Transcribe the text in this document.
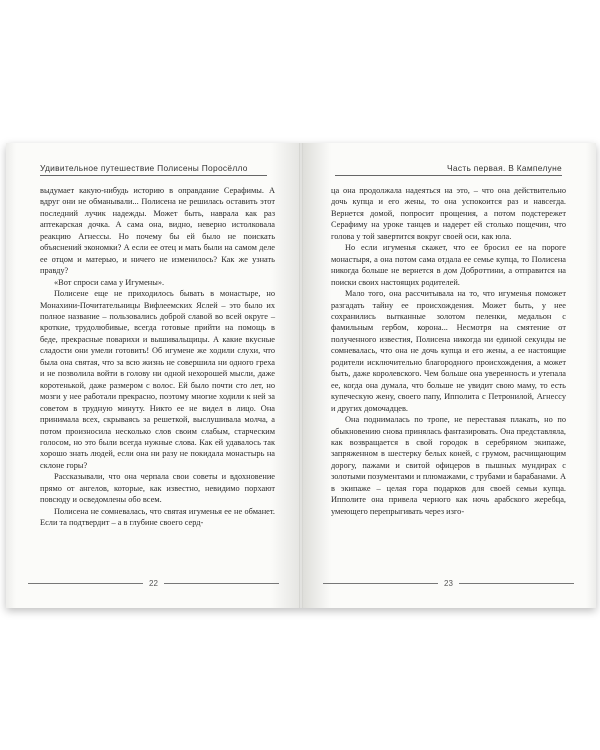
Удивительное путешествие Полисены Поросёлло

выдумает какую-нибудь историю в оправдание Серафимы. А вдруг они не обманывали... Полисена не решилась оставить этот последний лучик надежды. Может быть, наврала как раз аптекарская дочка. А сама она, видно, неверно истолковала реакцию Агнессы. Но почему бы ей было не поискать объяснений экономки? А если ее отец и мать были на самом деле ее отцом и матерью, и ничего не изменилось? Как же узнать правду?

«Вот спроси сама у Игумены».

Полисене еще не приходилось бывать в монастыре, но Монахини-Почитательницы Вифлеемских Яслей – это было их полное название – пользовались доброй славой во всей округе – кроткие, трудолюбивые, всегда готовые прийти на помощь в беде, прекрасные поварихи и вышивальщицы. А какие вкусные сладости они умели готовить! Об игумене же ходили слухи, что была она святая, что за всю жизнь не совершила ни одного греха и не позволила войти в голову ни одной нехорошей мысли, даже коротенькой, даже размером с волос. Ей было почти сто лет, но мозги у нее работали прекрасно, поэтому многие ходили к ней за советом в трудную минуту. Никто ее не видел в лицо. Она принимала всех, скрываясь за решеткой, выслушивала молча, а потом произносила несколько слов своим слабым, старческим голосом, но это были всегда нужные слова. Как ей удавалось так хорошо знать людей, если она ни разу не покидала монастырь на склоне горы?

Рассказывали, что она черпала свои советы и вдохновение прямо от ангелов, которые, как известно, невидимо порхают повсюду и осведомлены обо всем.

Полисена не сомневалась, что святая игуменья ее не обманет. Если та подтвердит – а в глубине своего серд-

22
Часть первая. В Кампелуне

ца она продолжала надеяться на это, – что она действительно дочь купца и его жены, то она успокоится раз и навсегда. Вернется домой, попросит прощения, а потом подстережет Серафиму на уроке танцев и надерет ей столько пощечин, что голова у той завертится вокруг своей оси, как юла.

Но если игуменья скажет, что ее бросил ее на пороге монастыря, а она потом сама отдала ее семье купца, то Полисена никогда больше не вернется в дом Доброттини, а отправится на поиски своих настоящих родителей.

Мало того, она рассчитывала на то, что игуменья поможет разгадать тайну ее происхождения. Может быть, у нее сохранились вытканные золотом пеленки, медальон с фамильным гербом, корона... Несмотря на смятение от полученного известия, Полисена никогда ни единой секунды не сомневалась, что она не дочь купца и его жены, а ее настоящие родители исключительно благородного происхождения, а может быть, даже королевского. Чем больше она уверенность и утепала ее, когда она думала, что больше не увидит свою маму, то есть купеческую жену, своего папу, Ипполита с Петронилой, Агнессу и других домочадцев.

Она поднималась по тропе, не переставая плакать, но по обыкновению снова принялась фантазировать. Она представляла, как возвращается в свой городок в серебряном экипаже, запряженном в шестерку белых коней, с грумом, расчищающим дорогу, пажами и свитой офицеров в пышных мундирах с золотыми позументами и плюмажами, с трубами и барабанами. А в экипаже – целая гора подарков для своей семьи купца. Ипполите она привела черного как ночь арабского жеребца, умеющего перепрыгивать через изго-

23
